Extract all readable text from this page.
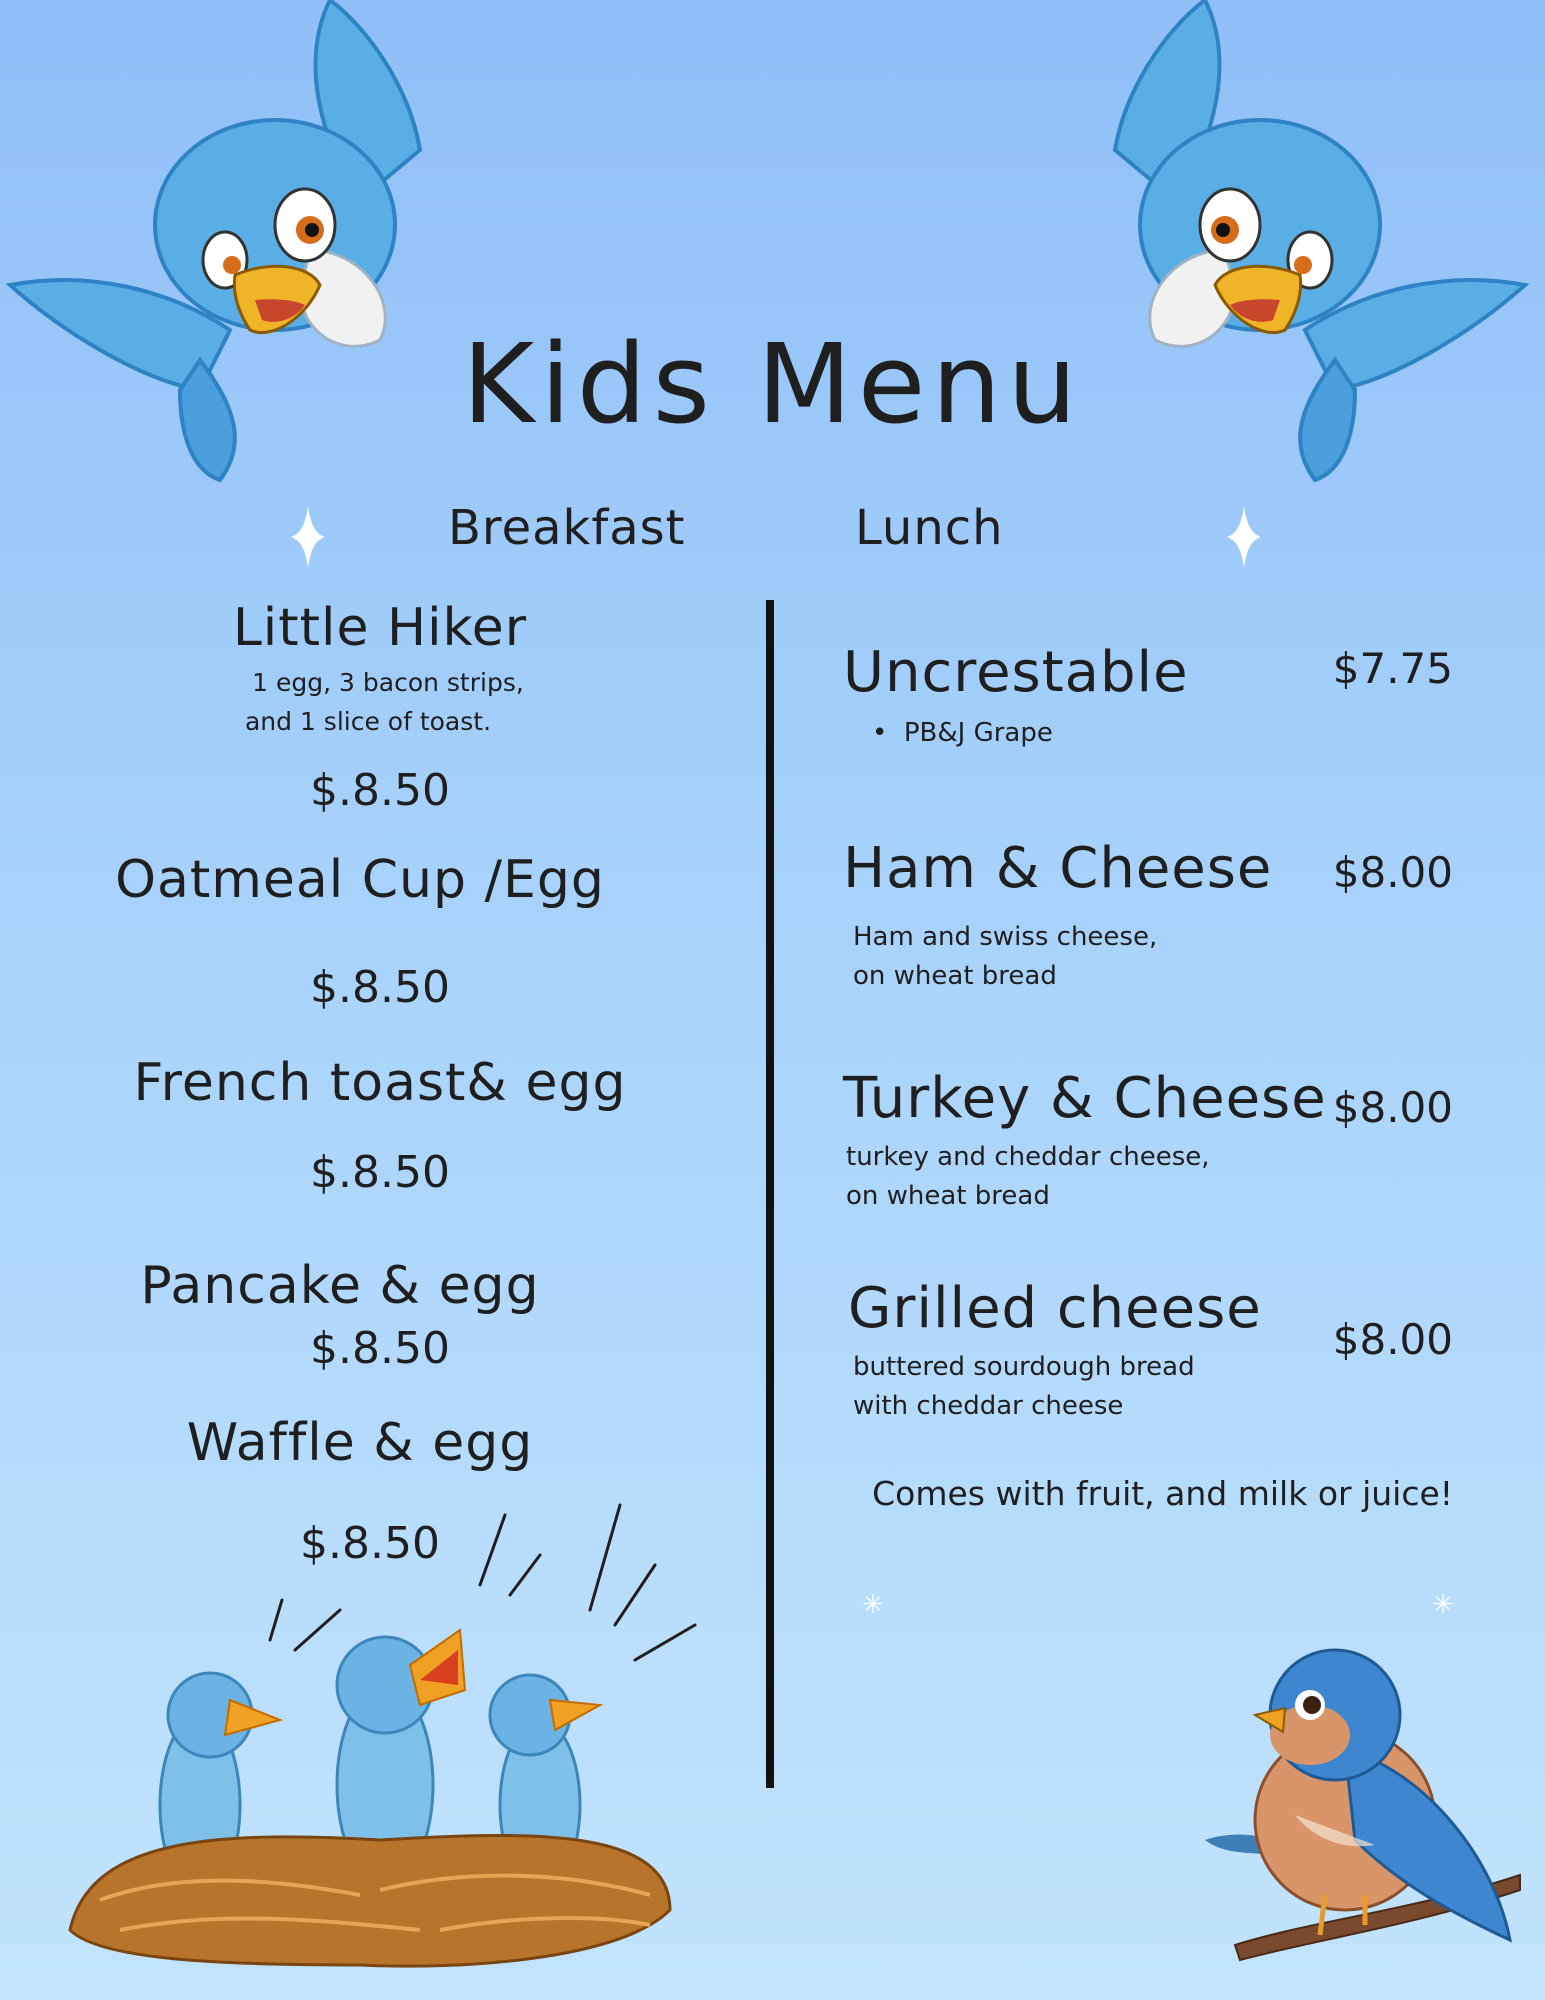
Kids Menu
Breakfast	Lunch
Little Hiker
1 egg, 3 bacon strips,
and 1 slice of toast.
$.8.50
Oatmeal Cup /Egg
$.8.50
French toast& egg
$.8.50
Pancake & egg
$.8.50
Waffle & egg
$.8.50
Uncrestable	$7.75
• PB&J Grape
Ham & Cheese $8.00
Ham and swiss cheese,
on wheat bread
Turkey & Cheese $8.00
turkey and cheddar cheese,
on wheat bread
Grilled cheese $8.00
buttered sourdough bread
with cheddar cheese
Comes with fruit, and milk or juice!
✳	✳
